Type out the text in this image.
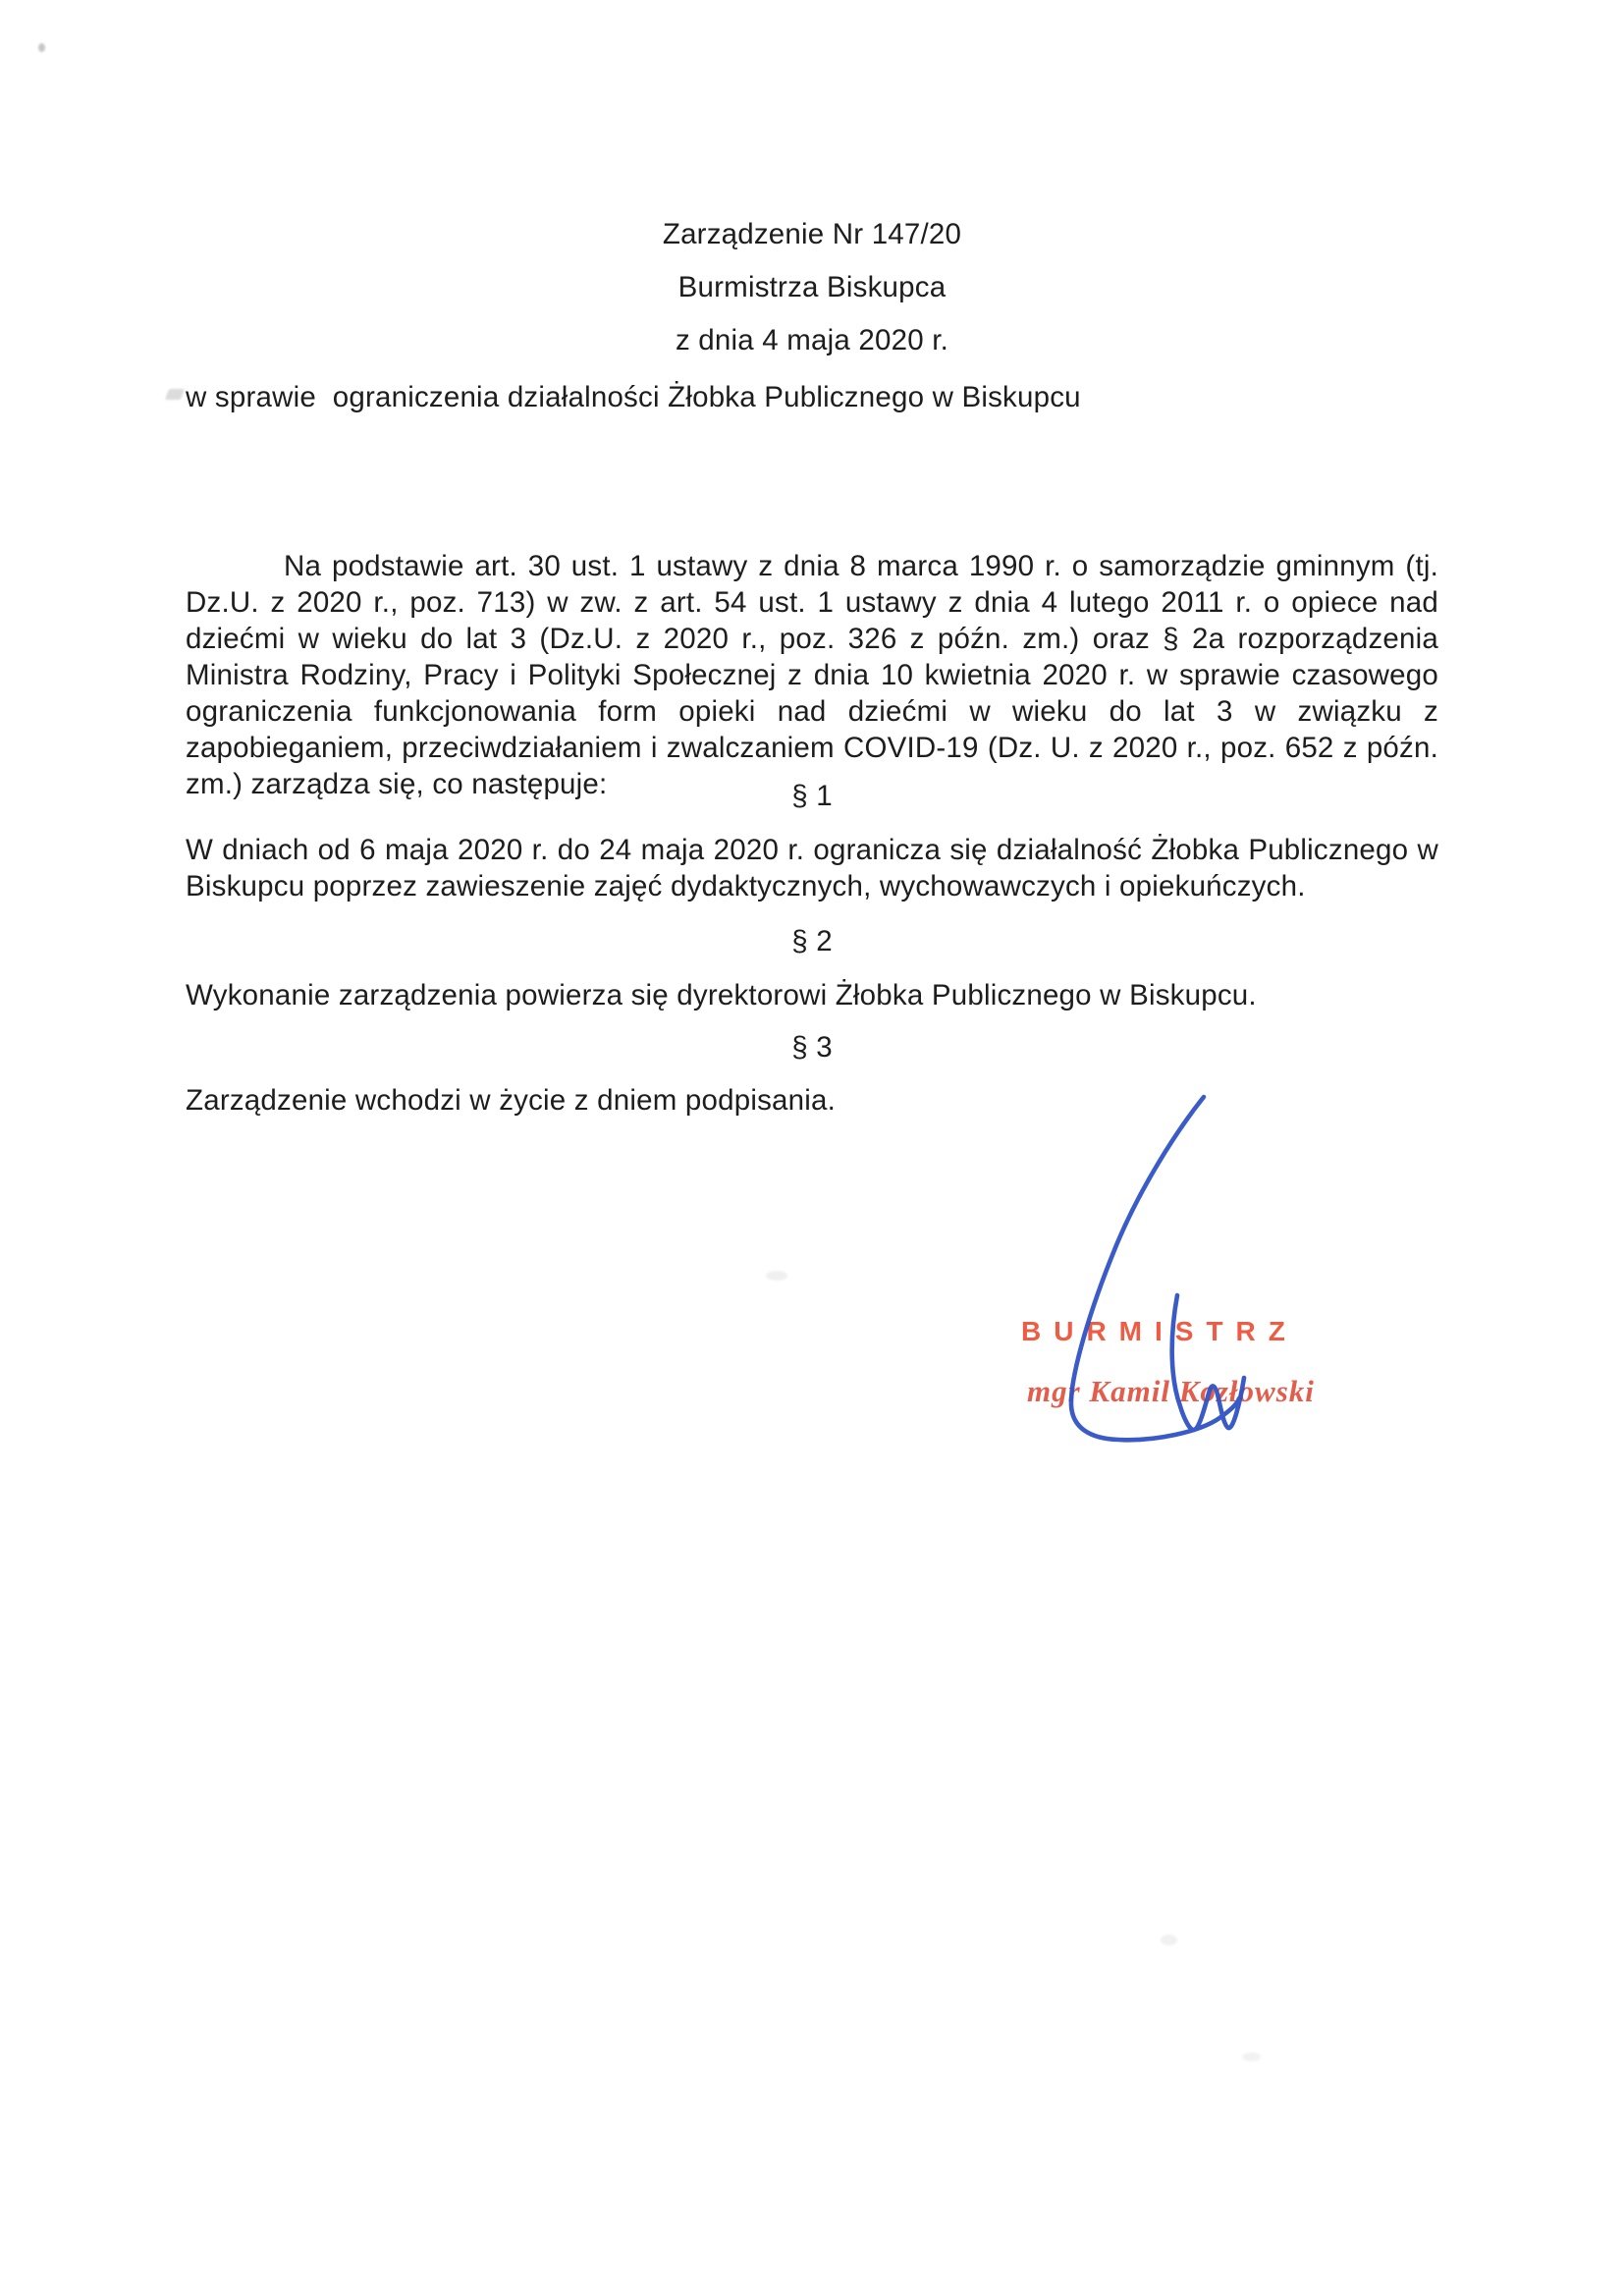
Zarządzenie Nr 147/20
Burmistrza Biskupca
z dnia 4 maja 2020 r.
w sprawie  ograniczenia działalności Żłobka Publicznego w Biskupcu
Na podstawie art. 30 ust. 1 ustawy z dnia 8 marca 1990 r. o samorządzie gminnym (tj. Dz.U. z 2020 r., poz. 713) w zw. z art. 54 ust. 1 ustawy z dnia 4 lutego 2011 r. o opiece nad dziećmi w wieku do lat 3 (Dz.U. z 2020 r., poz. 326 z późn. zm.) oraz § 2a rozporządzenia Ministra Rodziny, Pracy i Polityki Społecznej z dnia 10 kwietnia 2020 r. w sprawie czasowego ograniczenia funkcjonowania form opieki nad dziećmi w wieku do lat 3 w związku z zapobieganiem, przeciwdziałaniem i zwalczaniem COVID-19 (Dz. U. z 2020 r., poz. 652 z późn. zm.) zarządza się, co następuje:	§ 1
W dniach od 6 maja 2020 r. do 24 maja 2020 r. ogranicza się działalność Żłobka Publicznego w Biskupcu poprzez zawieszenie zajęć dydaktycznych, wychowawczych i opiekuńczych.
§ 2
Wykonanie zarządzenia powierza się dyrektorowi Żłobka Publicznego w Biskupcu.
§ 3
Zarządzenie wchodzi w życie z dniem podpisania.
BURMISTRZ
mgr Kamil Kozłowski
